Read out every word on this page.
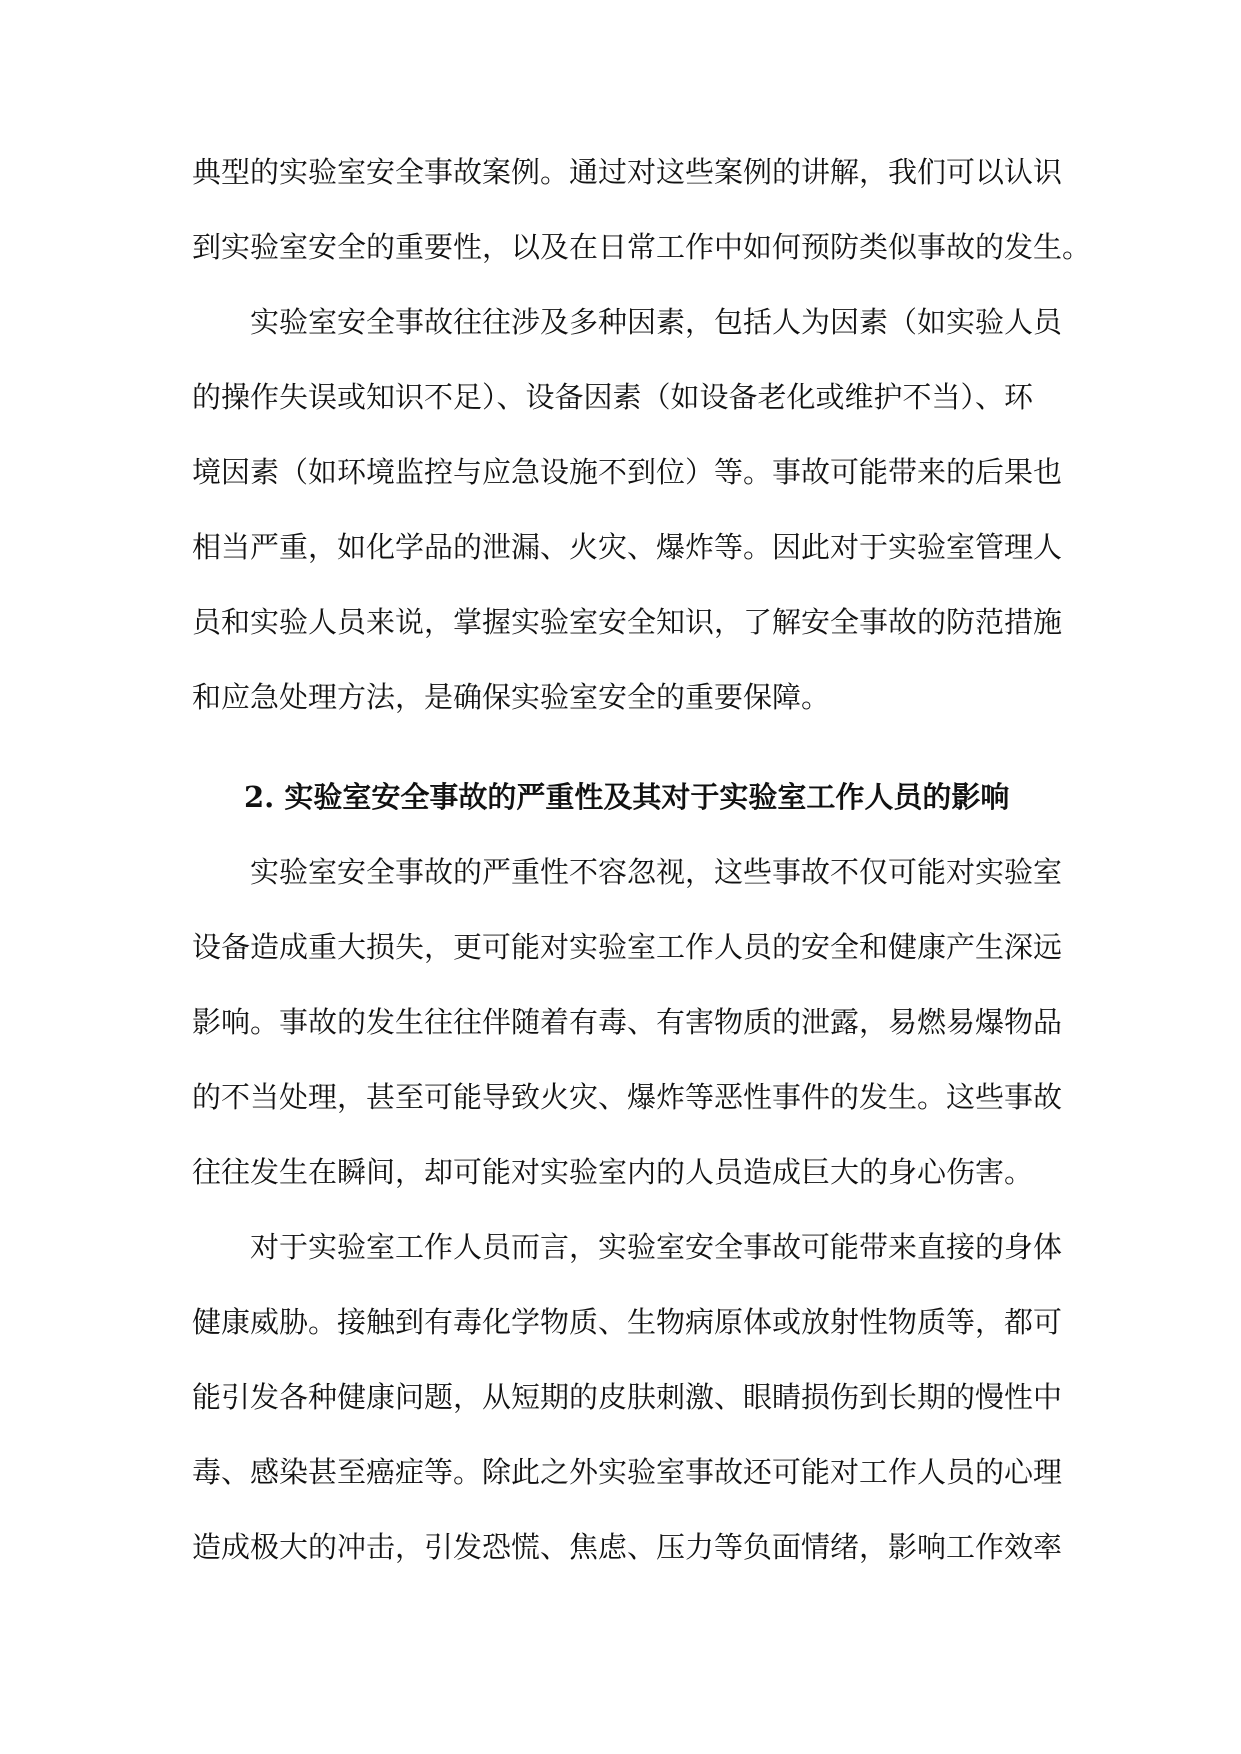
典型的实验室安全事故案例。通过对这些案例的讲解，我们可以认识
到实验室安全的重要性，以及在日常工作中如何预防类似事故的发生。
实验室安全事故往往涉及多种因素，包括人为因素（如实验人员
的操作失误或知识不足）、设备因素（如设备老化或维护不当）、环
境因素（如环境监控与应急设施不到位）等。事故可能带来的后果也
相当严重，如化学品的泄漏、火灾、爆炸等。因此对于实验室管理人
员和实验人员来说，掌握实验室安全知识，了解安全事故的防范措施
和应急处理方法，是确保实验室安全的重要保障。
2. 实验室安全事故的严重性及其对于实验室工作人员的影响
实验室安全事故的严重性不容忽视，这些事故不仅可能对实验室
设备造成重大损失，更可能对实验室工作人员的安全和健康产生深远
影响。事故的发生往往伴随着有毒、有害物质的泄露，易燃易爆物品
的不当处理，甚至可能导致火灾、爆炸等恶性事件的发生。这些事故
往往发生在瞬间，却可能对实验室内的人员造成巨大的身心伤害。
对于实验室工作人员而言，实验室安全事故可能带来直接的身体
健康威胁。接触到有毒化学物质、生物病原体或放射性物质等，都可
能引发各种健康问题，从短期的皮肤刺激、眼睛损伤到长期的慢性中
毒、感染甚至癌症等。除此之外实验室事故还可能对工作人员的心理
造成极大的冲击，引发恐慌、焦虑、压力等负面情绪，影响工作效率
